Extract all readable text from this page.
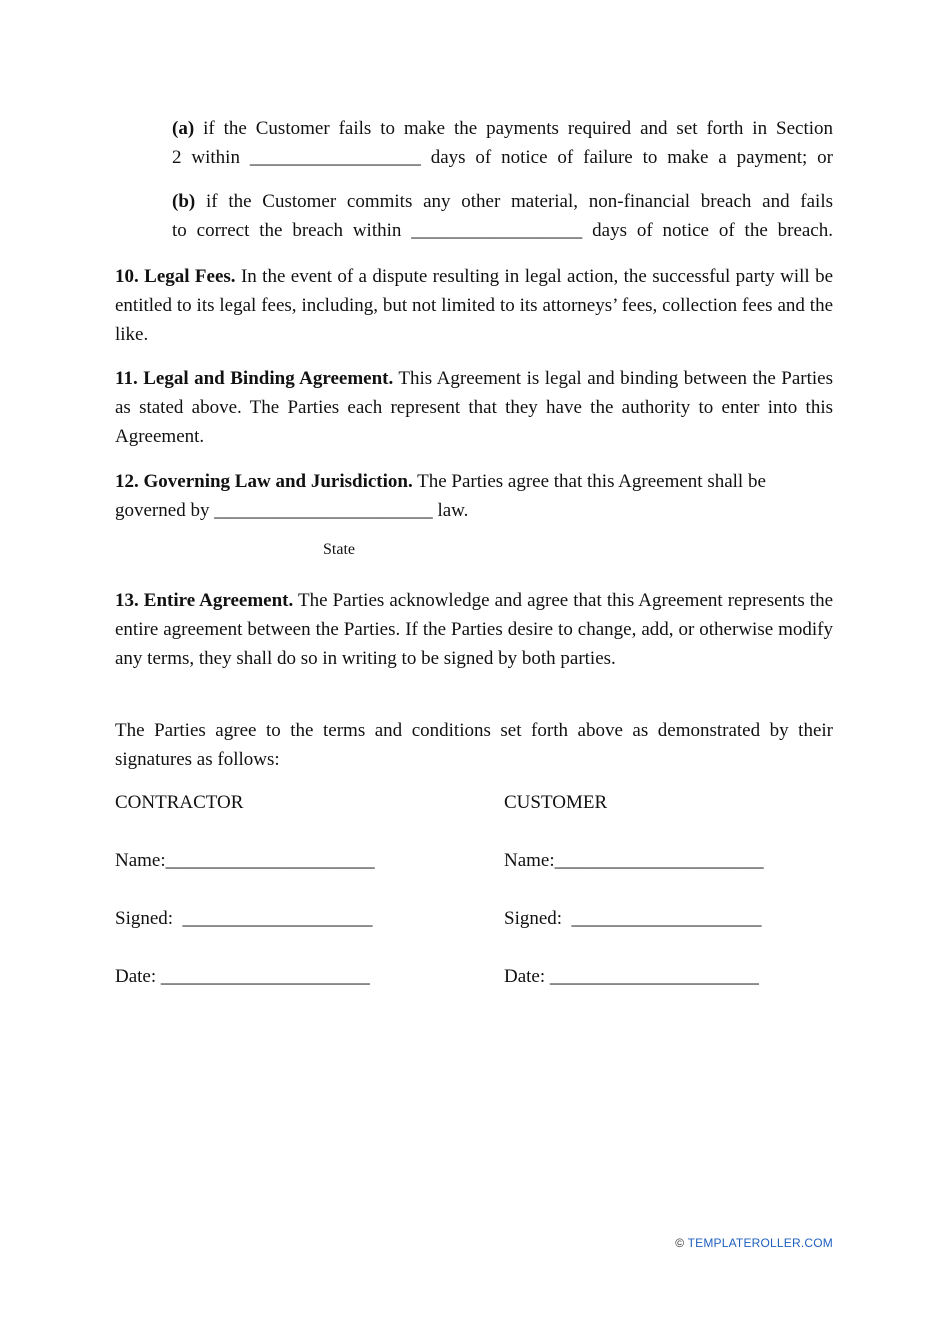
(a) if the Customer fails to make the payments required and set forth in Section
2 within __________________ days of notice of failure to make a payment; or
(b) if the Customer commits any other material, non-financial breach and fails
to correct the breach within __________________ days of notice of the breach.

10. Legal Fees. In the event of a dispute resulting in legal action, the successful party will be entitled to its legal fees, including, but not limited to its attorneys’ fees, collection fees and the like.

11. Legal and Binding Agreement. This Agreement is legal and binding between the Parties as stated above. The Parties each represent that they have the authority to enter into this Agreement.

12. Governing Law and Jurisdiction. The Parties agree that this Agreement shall be
governed by _______________________ law.
State

13. Entire Agreement. The Parties acknowledge and agree that this Agreement represents the entire agreement between the Parties. If the Parties desire to change, add, or otherwise modify any terms, they shall do so in writing to be signed by both parties.

The Parties agree to the terms and conditions set forth above as demonstrated by their signatures as follows:

CONTRACTOR
Name:______________________
Signed:  ____________________
Date: ______________________
CUSTOMER
Name:______________________
Signed:  ____________________
Date: ______________________
© TEMPLATEROLLER.COM
